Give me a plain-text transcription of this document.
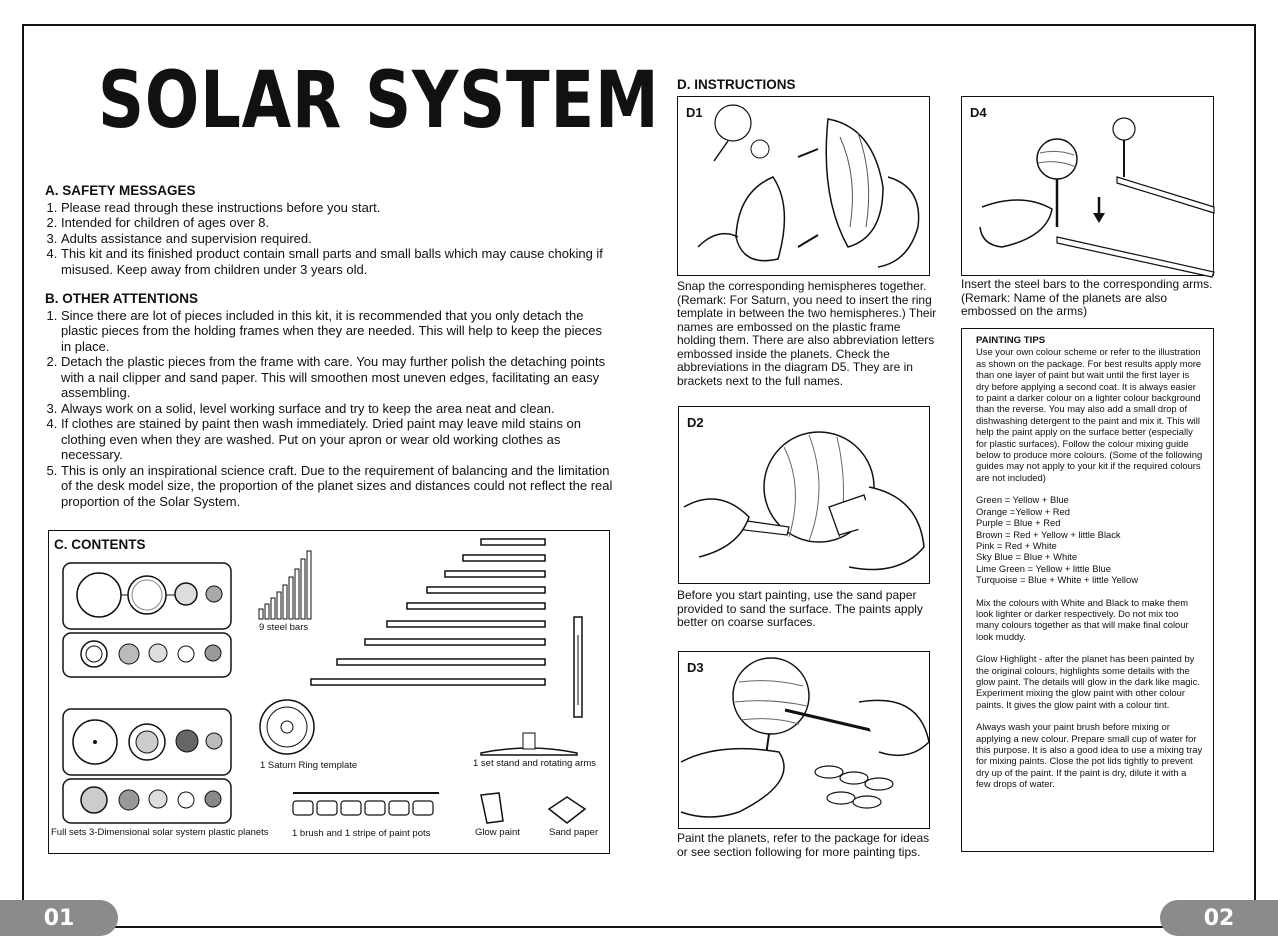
01	02
SOLAR SYSTEM
A. SAFETY MESSAGES
1. Please read through these instructions before you start.
2. Intended for children of ages over 8.
3. Adults assistance and supervision required.
4. This kit and its finished product contain small parts and small balls which may cause choking if misused. Keep away from children under 3 years old.
B. OTHER ATTENTIONS
1. Since there are lot of pieces included in this kit, it is recommended that you only detach the plastic pieces from the holding frames when they are needed. This will help to keep the pieces in place.
2. Detach the plastic pieces from the frame with care. You may further polish the detaching points with a nail clipper and sand paper. This will smoothen most uneven edges, facilitating an easy assembling.
3. Always work on a solid, level working surface and try to keep the area neat and clean.
4. If clothes are stained by paint then wash immediately. Dried paint may leave mild stains on clothing even when they are washed. Put on your apron or wear old working clothes as necessary.
5. This is only an inspirational science craft. Due to the requirement of balancing and the limitation of the desk model size, the proportion of the planet sizes and distances could not reflect the real proportion of the Solar System.
C. CONTENTS
9 steel bars
1 Saturn Ring template	1 set stand and rotating arms
Full sets 3-Dimensional solar system plastic planets 1 brush and 1 stripe of paint pots	Glow paint	Sand paper
D. INSTRUCTIONS
D1
Snap the corresponding hemispheres together. (Remark: For Saturn, you need to insert the ring template in between the two hemispheres.) Their names are embossed on the plastic frame holding them. There are also abbreviation letters embossed inside the planets. Check the abbreviations in the diagram D5. They are in brackets next to the full names.
D2
Before you start painting, use the sand paper provided to sand the surface. The paints apply better on coarse surfaces.
D3
Paint the planets, refer to the package for ideas or see section following for more painting tips.
D4
Insert the steel bars to the corresponding arms. (Remark: Name of the planets are also embossed on the arms)
PAINTING TIPS

Use your own colour scheme or refer to the illustration as shown on the package. For best results apply more than one layer of paint but wait until the first layer is dry before applying a second coat. It is always easier to paint a darker colour on a lighter colour background than the reverse. You may also add a small drop of dishwashing detergent to the paint and mix it. This will help the paint apply on the surface better (especially for plastic surfaces). Follow the colour mixing guide below to produce more colours. (Some of the following guides may not apply to your kit if the required colours are not included)

Green = Yellow + Blue
Orange =Yellow + Red
Purple = Blue + Red
Brown = Red + Yellow + little Black
Pink = Red + White
Sky Blue = Blue + White
Lime Green = Yellow + little Blue
Turquoise = Blue + White + little Yellow

Mix the colours with White and Black to make them look lighter or darker respectively. Do not mix too many colours together as that will make final colour look muddy.

Glow Highlight - after the planet has been painted by the original colours, highlights some details with the glow paint. The details will glow in the dark like magic. Experiment mixing the glow paint with other colour paints. It gives the glow paint with a colour tint.

Always wash your paint brush before mixing or applying a new colour. Prepare small cup of water for this purpose. It is also a good idea to use a mixing tray for mixing paints. Close the pot lids tightly to prevent dry up of the paint. If the paint is dry, dilute it with a few drops of water.
